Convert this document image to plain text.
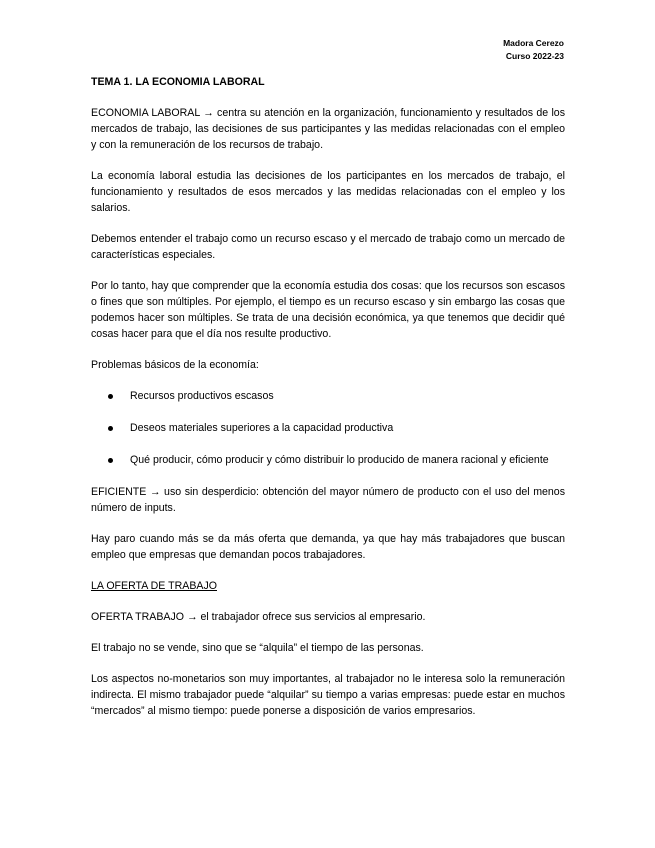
Madora Cerezo
Curso 2022-23

TEMA 1. LA ECONOMIA LABORAL

ECONOMIA LABORAL → centra su atención en la organización, funcionamiento y resultados de los mercados de trabajo, las decisiones de sus participantes y las medidas relacionadas con el empleo y con la remuneración de los recursos de trabajo.

La economía laboral estudia las decisiones de los participantes en los mercados de trabajo, el funcionamiento y resultados de esos mercados y las medidas relacionadas con el empleo y los salarios.

Debemos entender el trabajo como un recurso escaso y el mercado de trabajo como un mercado de características especiales.

Por lo tanto, hay que comprender que la economía estudia dos cosas: que los recursos son escasos o fines que son múltiples. Por ejemplo, el tiempo es un recurso escaso y sin embargo las cosas que podemos hacer son múltiples. Se trata de una decisión económica, ya que tenemos que decidir qué cosas hacer para que el día nos resulte productivo.

Problemas básicos de la economía:

Recursos productivos escasos
Deseos materiales superiores a la capacidad productiva
Qué producir, cómo producir y cómo distribuir lo producido de manera racional y eficiente

EFICIENTE → uso sin desperdicio: obtención del mayor número de producto con el uso del menos número de inputs.

Hay paro cuando más se da más oferta que demanda, ya que hay más trabajadores que buscan empleo que empresas que demandan pocos trabajadores.

LA OFERTA DE TRABAJO

OFERTA TRABAJO → el trabajador ofrece sus servicios al empresario.

El trabajo no se vende, sino que se “alquila” el tiempo de las personas.

Los aspectos no-monetarios son muy importantes, al trabajador no le interesa solo la remuneración indirecta. El mismo trabajador puede “alquilar” su tiempo a varias empresas: puede estar en muchos “mercados” al mismo tiempo: puede ponerse a disposición de varios empresarios.
